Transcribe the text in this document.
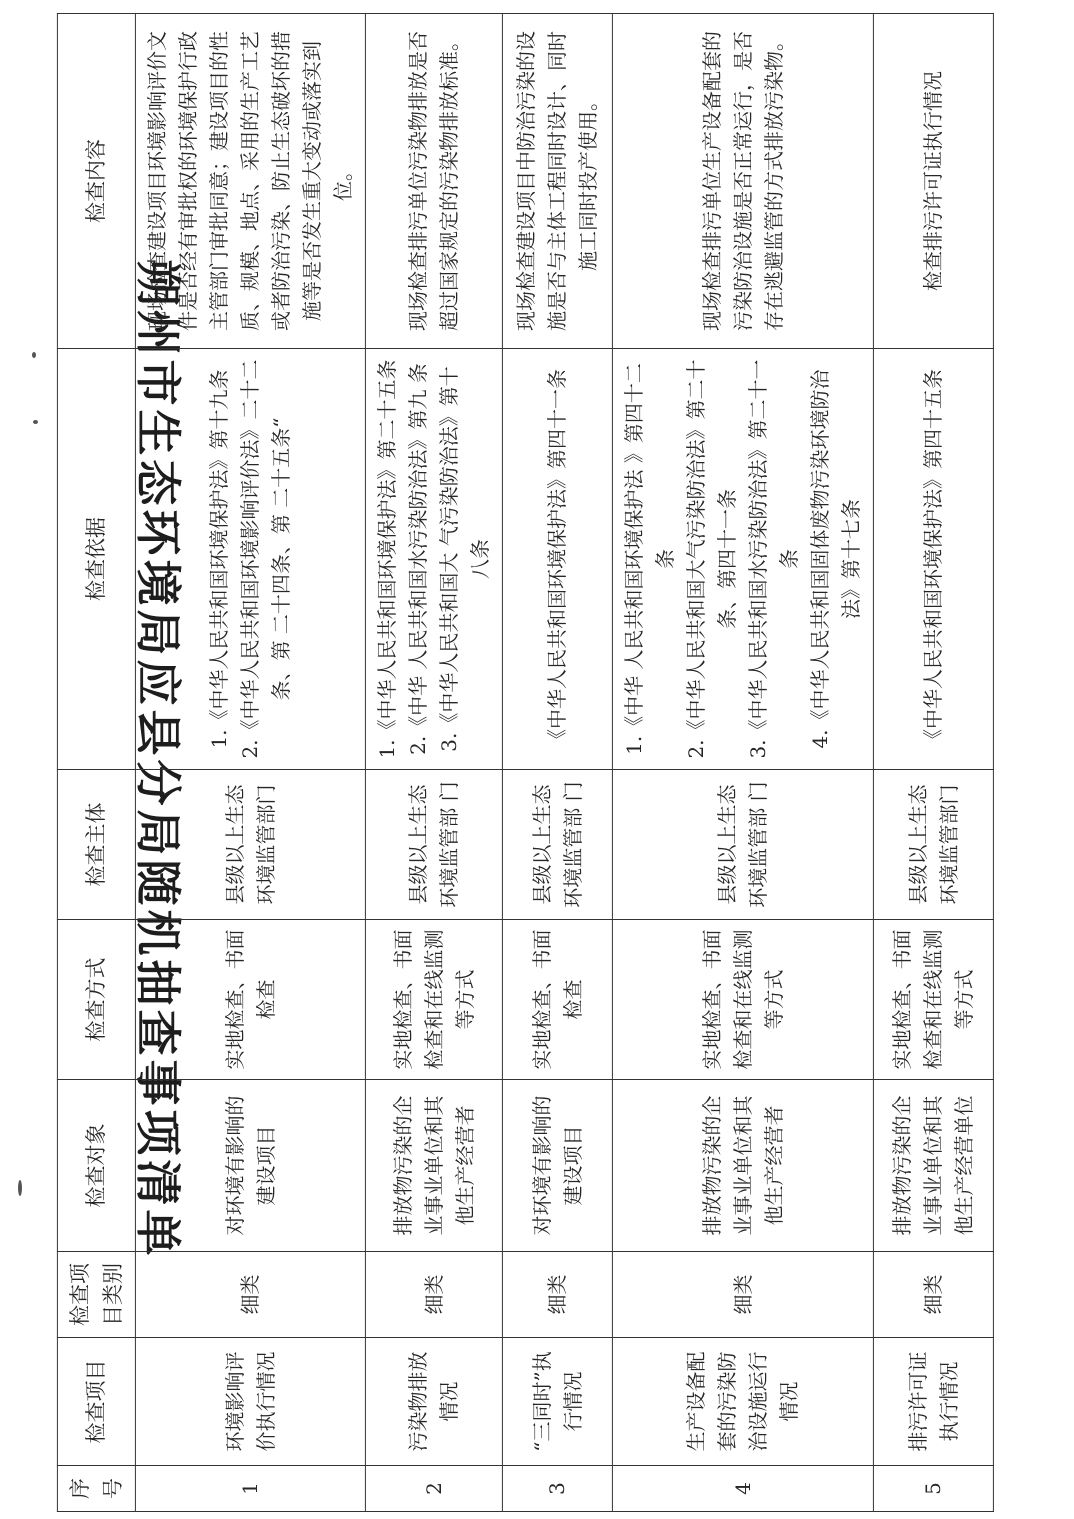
朔州市生态环境局应县分局随机抽查事项清单
序号	检查项目	检查项目类别	检查对象	检查方式	检查主体	检查依据	检查内容
1	环境影响评价执行情况	细类	对环境有影响的建设项目	实地检查、书面检查	县级以上生态环境监管部门	1.《中华人民共和国环境保护法》第十九条 2.《中华人民共和国环境影响评价法》二十二条、第 二十四条、第 二十五条“	现场检查建设项目环境影响评价文件是否经有审批权的环境保护行政主管部门审批同意；建设项目的性质、规模、地点、采用的生产工艺或者防治污染、防止生态破坏的措施等是否发生重大变动或落实到位。
2	污染物排放情况	细类	排放物污染的企业事业单位和其他生产经营者	实地检查、书面检查和在线监测等方式	县级以上生态环境监管部 门	1.《中华人民共和国环境保护法》第二十五条 2.《中华 人民共和国水污染防治法》第九 条 3.《中华人民共和国大 气污染防治法》第十八条	现场检查排污单位污染物排放是否超过国家规定的污染物排放标准。
3	“三同时”执行情况	细类	对环境有影响的建设项目	实地检查、书面检查	县级以上生态环境监管部 门	《中华人民共和国环境保护法》第四十一条	现场检查建设项目中防治污染的设施是否与主体工程同时设计、同时施工同时投产使用。
4	生产设备配套的污染防治设施运行情况	细类	排放物污染的企业事业单位和其他生产经营者	实地检查、书面检查和在线监测等方式	县级以上生态环境监管部 门	1.《中华 人民共和国环境保护法 》第四十二条 2.《中华人民共和国大气污染防治法》第二十条、第四十一条 3.《中华人民共和国水污染防治法》第二十一条 4.《中华人民共和国固体废物污染环境防治法》第十七条	现场检查排污单位生产设备配套的污染防治设施是否正常运行，是否存在逃避监管的方式排放污染物。
5	排污许可证执行情况	细类	排放物污染的企业事业单位和其他生产经营单位	实地检查、书面检查和在线监测等方式	县级以上生态环境监管部门	《中华人民共和国环境保护法》第四十五条	检查排污许可证执行情况
